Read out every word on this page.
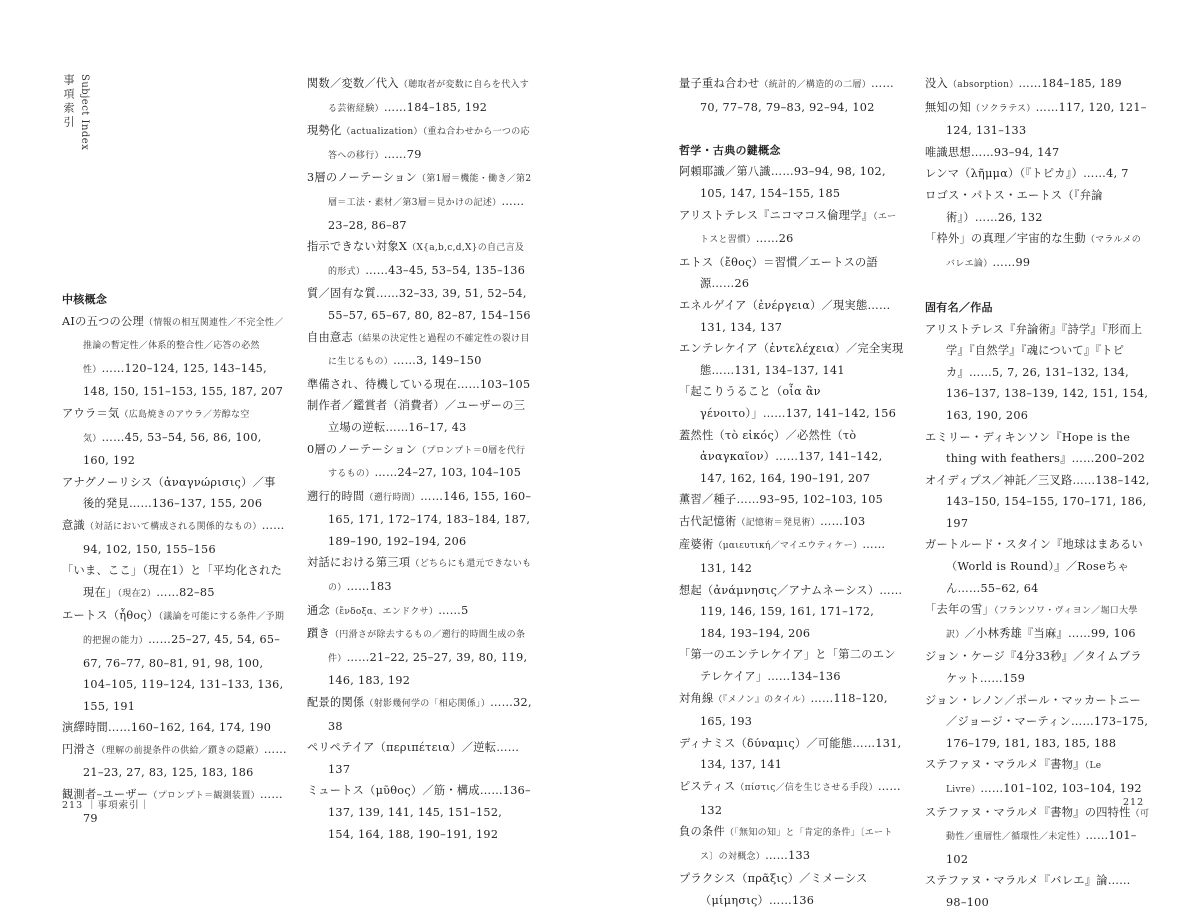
事項索引 Subject Index
中核概念
AIの五つの公理（情報の相互関連性／不完全性／推論の暫定性／体系的整合性／応答の必然性）……120–124, 125, 143–145, 148, 150, 151–153, 155, 187, 207
アウラ＝気（広島焼きのアウラ／芳醇な空気）……45, 53–54, 56, 86, 100, 160, 192
アナグノーリシス（ἀναγνώρισις）／事後的発見……136–137, 155, 206
意識（対話において構成される関係的なもの）……94, 102, 150, 155–156
「いま、ここ」（現在1）と「平均化された現在」（現在2）……82–85
エートス（ἦθος）（議論を可能にする条件／予期的把握の能力）……25–27, 45, 54, 65–67, 76–77, 80–81, 91, 98, 100, 104–105, 119–124, 131–133, 136, 155, 191
演繹時間……160–162, 164, 174, 190
円滑さ（理解の前提条件の供給／躓きの隠蔽）……21–23, 27, 83, 125, 183, 186
観測者–ユーザー（プロンプト＝観測装置）……79
関数／変数／代入（聴取者が変数に自らを代入する芸術経験）……184–185, 192
現勢化（actualization）（重ね合わせから一つの応答への移行）……79
3層のノーテーション（第1層＝機能・働き／第2層＝工法・素材／第3層＝見かけの記述）……23–28, 86–87
指示できない対象X（X{a,b,c,d,X}の自己言及的形式）……43–45, 53–54, 135–136
質／固有な質……32–33, 39, 51, 52–54, 55–57, 65–67, 80, 82–87, 154–156
自由意志（結果の決定性と過程の不確定性の裂け目に生じるもの）……3, 149–150
準備され、待機している現在……103–105
制作者／鑑賞者（消費者）／ユーザーの三立場の逆転……16–17, 43
0層のノーテーション（プロンプト＝0層を代行するもの）……24–27, 103, 104–105
遡行的時間（遡行時間）……146, 155, 160–165, 171, 172–174, 183–184, 187, 189–190, 192–194, 206
対話における第三項（どちらにも還元できないもの）……183
通念（ἔνδοξα、エンドクサ）……5
躓き（円滑さが除去するもの／遡行的時間生成の条件）……21–22, 25–27, 39, 80, 119, 146, 183, 192
配景的関係（射影幾何学の「相応関係」）……32, 38
ペリペテイア（περιπέτεια）／逆転……137
ミュートス（μῦθος）／筋・構成……136–137, 139, 141, 145, 151–152, 154, 164, 188, 190–191, 192
量子重ね合わせ（統計的／構造的の二層）……70, 77–78, 79–83, 92–94, 102
哲学・古典の鍵概念
阿頼耶識／第八識……93–94, 98, 102, 105, 147, 154–155, 185
アリストテレス『ニコマコス倫理学』（エートスと習慣）……26
エトス（ἔθος）＝習慣／エートスの語源……26
エネルゲイア（ἐνέργεια）／現実態……131, 134, 137
エンテレケイア（ἐντελέχεια）／完全実現態……131, 134–137, 141
「起こりうること（οἷα ἂν γένοιτο）」……137, 141–142, 156
蓋然性（τὸ εἰκός）／必然性（τὸ ἀναγκαῖον）……137, 141–142, 147, 162, 164, 190–191, 207
薫習／種子……93–95, 102–103, 105
古代記憶術（記憶術＝発見術）……103
産婆術（μαιευτική／マイエウティケー）……131, 142
想起（ἀνάμνησις／アナムネーシス）……119, 146, 159, 161, 171–172, 184, 193–194, 206
「第一のエンテレケイア」と「第二のエンテレケイア」……134–136
対角線（『メノン』のタイル）……118–120, 165, 193
ディナミス（δύναμις）／可能態……131, 134, 137, 141
ピスティス（πίστις／信を生じさせる手段）……132
負の条件（「無知の知」と「肯定的条件」〔エートス〕の対概念）……133
プラクシス（πρᾶξις）／ミメーシス（μίμησις）……136
没入（absorption）……184–185, 189
無知の知（ソクラテス）……117, 120, 121–124, 131–133
唯識思想……93–94, 147
レンマ（λῆμμα）（『トピカ』）……4, 7
ロゴス・パトス・エートス（『弁論術』）……26, 132
「枠外」の真理／宇宙的な生動（マラルメのバレエ論）……99
固有名／作品
アリストテレス『弁論術』『詩学』『形而上学』『自然学』『魂について』『トピカ』……5, 7, 26, 131–132, 134, 136–137, 138–139, 142, 151, 154, 163, 190, 206
エミリー・ディキンソン『Hope is the thing with feathers』……200–202
オイディプス／神託／三叉路……138–142, 143–150, 154–155, 170–171, 186, 197
ガートルード・スタイン『地球はまあるい（World is Round）』／Roseちゃん……55–62, 64
「去年の雪」（フランソワ・ヴィヨン／堀口大學訳）／小林秀雄『当麻』……99, 106
ジョン・ケージ『4分33秒』／タイムブラケット……159
ジョン・レノン／ポール・マッカートニー／ジョージ・マーティン……173–175, 176–179, 181, 183, 185, 188
ステファヌ・マラルメ『書物』（Le Livre）……101–102, 103–104, 192
ステファヌ・マラルメ『書物』の四特性（可動性／重層性／循環性／未定性）……101–102
ステファヌ・マラルメ『バレエ』論……98–100
213 ｜事項索引｜	212
